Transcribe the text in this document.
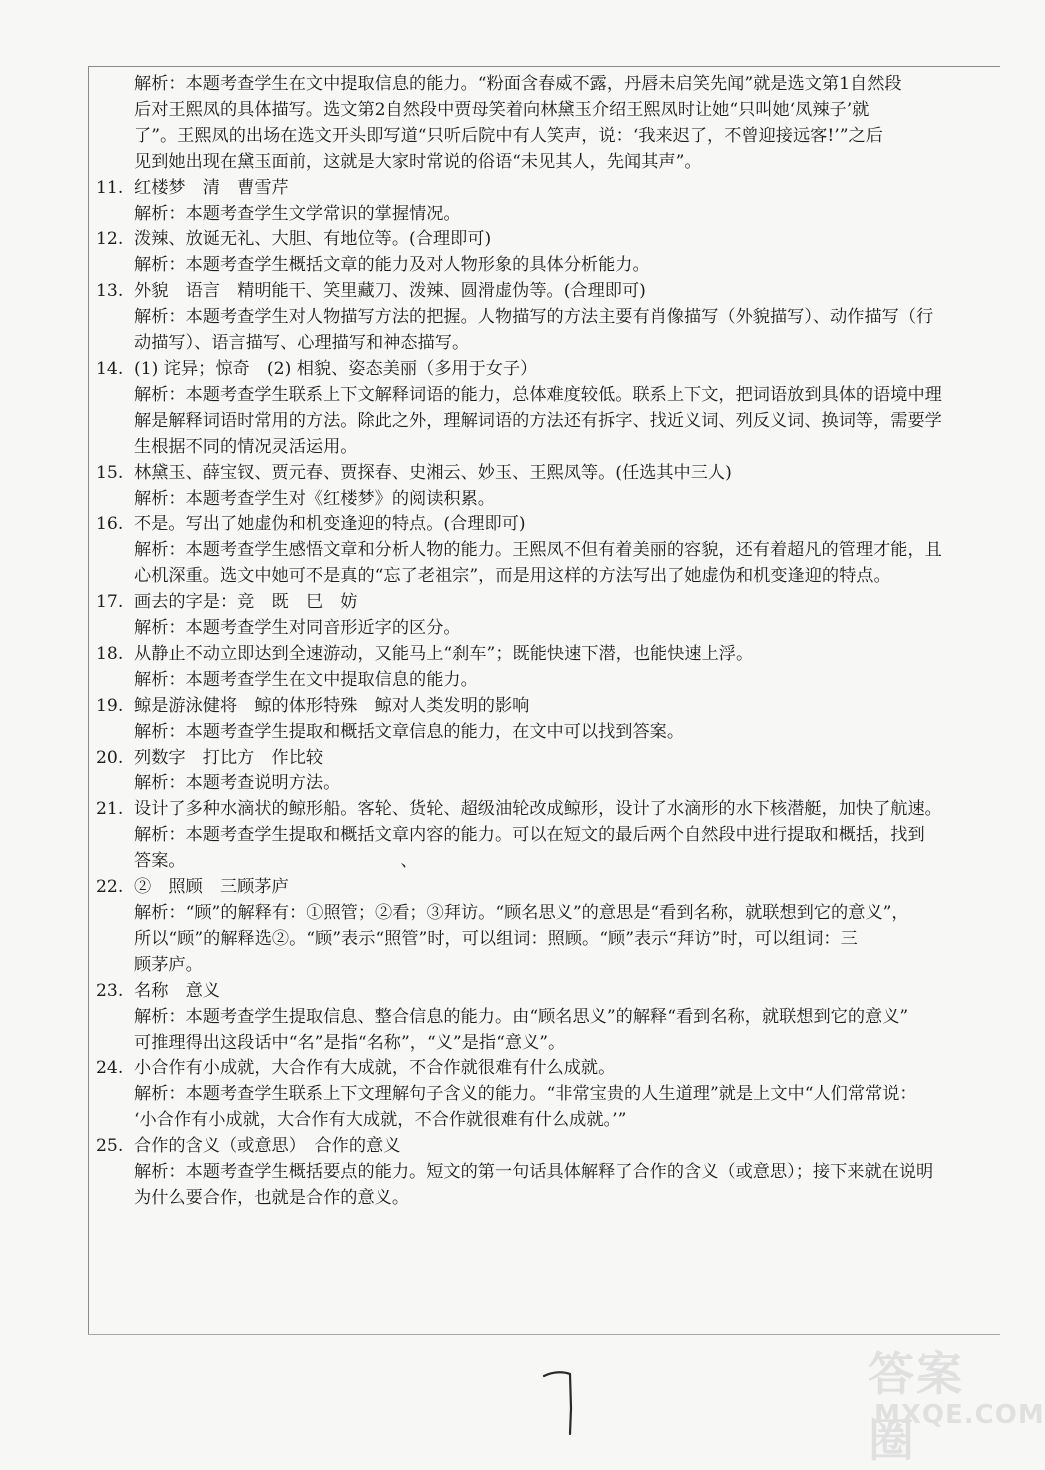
解析：本题考查学生在文中提取信息的能力。“粉面含春威不露，丹唇未启笑先闻”就是选文第1自然段
后对王熙凤的具体描写。选文第2自然段中贾母笑着向林黛玉介绍王熙凤时让她“只叫她‘凤辣子’就
了”。王熙凤的出场在选文开头即写道“只听后院中有人笑声，说：‘我来迟了，不曾迎接远客!’”之后
见到她出现在黛玉面前，这就是大家时常说的俗语“未见其人，先闻其声”。
11. 红楼梦　清　曹雪芹
解析：本题考查学生文学常识的掌握情况。
12. 泼辣、放诞无礼、大胆、有地位等。(合理即可)
解析：本题考查学生概括文章的能力及对人物形象的具体分析能力。
13. 外貌　语言　精明能干、笑里藏刀、泼辣、圆滑虚伪等。(合理即可)
解析：本题考查学生对人物描写方法的把握。人物描写的方法主要有肖像描写（外貌描写）、动作描写（行
动描写）、语言描写、心理描写和神态描写。
14. (1) 诧异；惊奇　(2) 相貌、姿态美丽（多用于女子）
解析：本题考查学生联系上下文解释词语的能力，总体难度较低。联系上下文，把词语放到具体的语境中理
解是解释词语时常用的方法。除此之外，理解词语的方法还有拆字、找近义词、列反义词、换词等，需要学
生根据不同的情况灵活运用。
15. 林黛玉、薛宝钗、贾元春、贾探春、史湘云、妙玉、王熙凤等。(任选其中三人)
解析：本题考查学生对《红楼梦》的阅读积累。
16. 不是。写出了她虚伪和机变逢迎的特点。(合理即可)
解析：本题考查学生感悟文章和分析人物的能力。王熙凤不但有着美丽的容貌，还有着超凡的管理才能，且
心机深重。选文中她可不是真的“忘了老祖宗”，而是用这样的方法写出了她虚伪和机变逢迎的特点。
17. 画去的字是：竞　既　巳　妨
解析：本题考查学生对同音形近字的区分。
18. 从静止不动立即达到全速游动，又能马上“刹车”；既能快速下潜，也能快速上浮。
解析：本题考查学生在文中提取信息的能力。
19. 鲸是游泳健将　鲸的体形特殊　鲸对人类发明的影响
解析：本题考查学生提取和概括文章信息的能力，在文中可以找到答案。
20. 列数字　打比方　作比较
解析：本题考查说明方法。
21. 设计了多种水滴状的鲸形船。客轮、货轮、超级油轮改成鲸形，设计了水滴形的水下核潜艇，加快了航速。
解析：本题考查学生提取和概括文章内容的能力。可以在短文的最后两个自然段中进行提取和概括，找到
答案。　　　　　　　　　　　　　、
22. ②　照顾　三顾茅庐
解析：“顾”的解释有：①照管；②看；③拜访。“顾名思义”的意思是“看到名称，就联想到它的意义”，
所以“顾”的解释选②。“顾”表示“照管”时，可以组词：照顾。“顾”表示“拜访”时，可以组词：三
顾茅庐。
23. 名称　意义
解析：本题考查学生提取信息、整合信息的能力。由“顾名思义”的解释“看到名称，就联想到它的意义”
可推理得出这段话中“名”是指“名称”，“义”是指“意义”。
24. 小合作有小成就，大合作有大成就，不合作就很难有什么成就。
解析：本题考查学生联系上下文理解句子含义的能力。“非常宝贵的人生道理”就是上文中“人们常常说：
‘小合作有小成就，大合作有大成就，不合作就很难有什么成就。’”
25. 合作的含义（或意思）　合作的意义
解析：本题考查学生概括要点的能力。短文的第一句话具体解释了合作的含义（或意思）；接下来就在说明
为什么要合作，也就是合作的意义。
答案圈
MXQE.COM
